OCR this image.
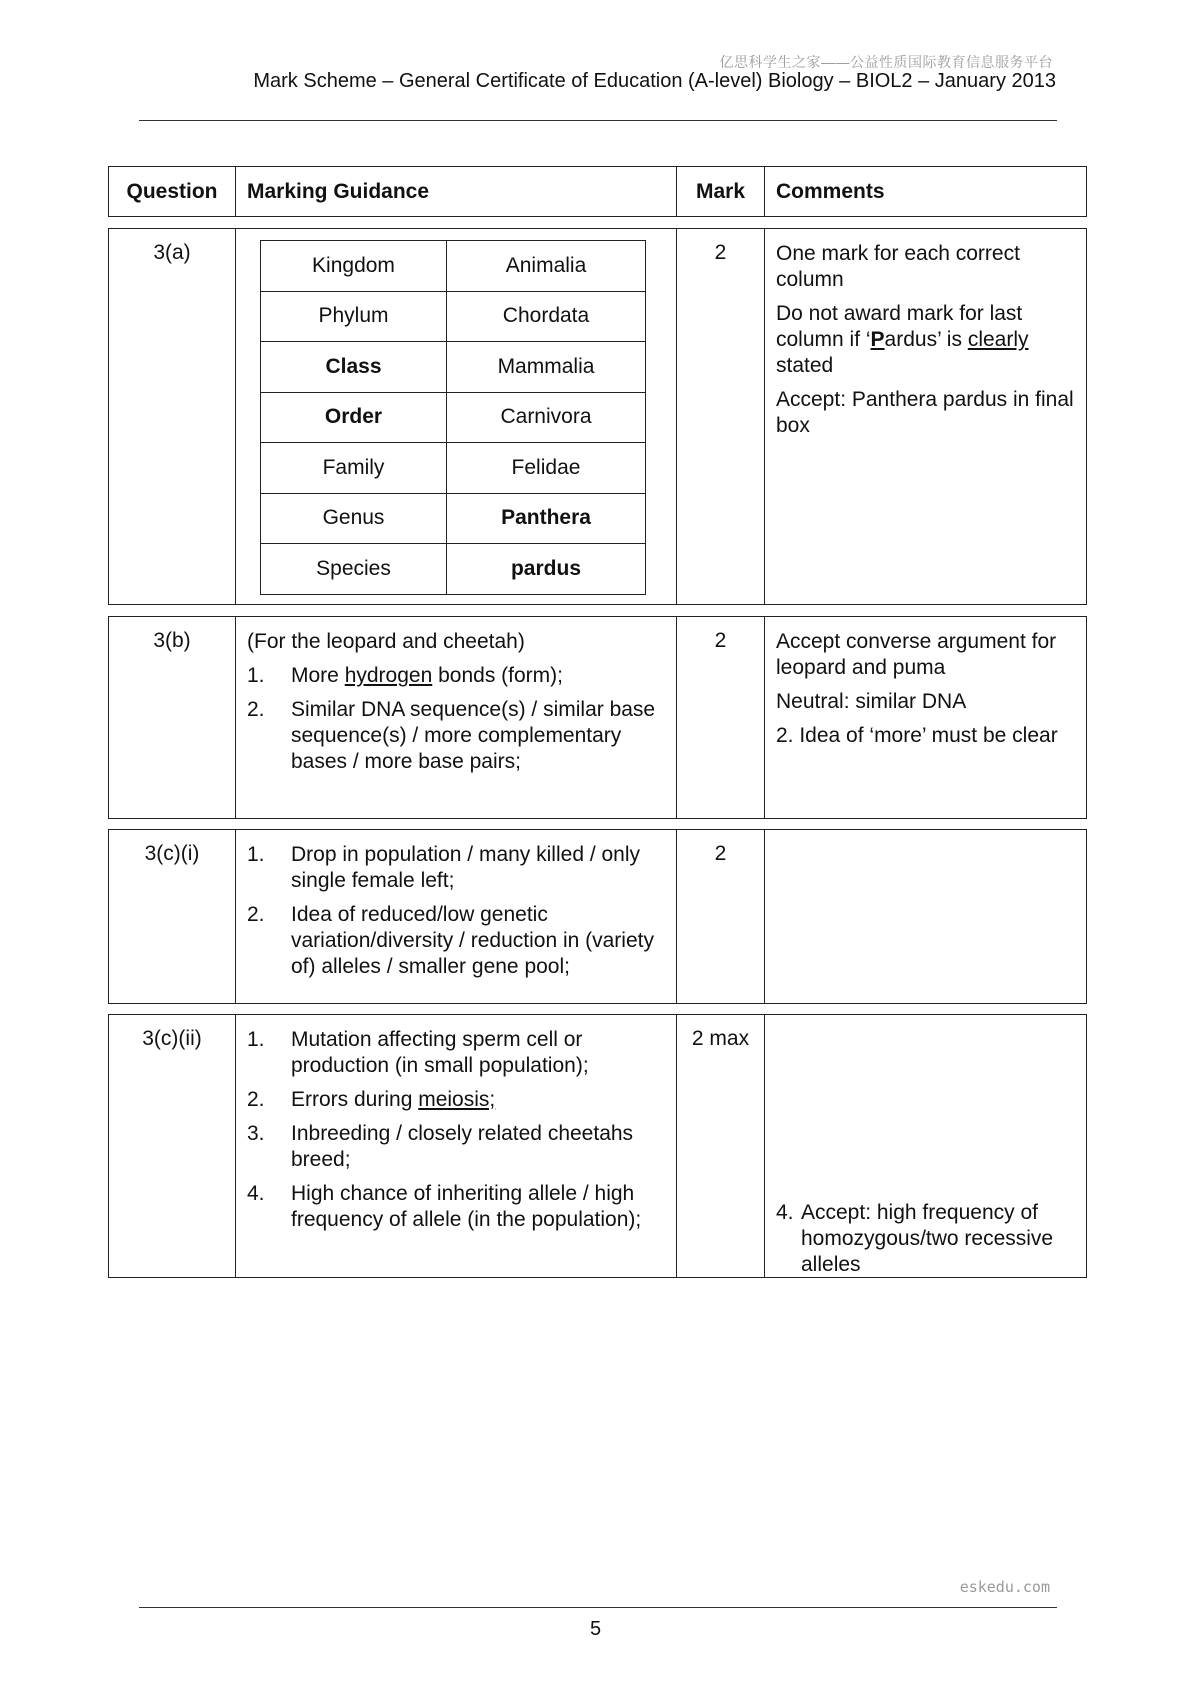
亿思科学生之家——公益性质国际教育信息服务平台
Mark Scheme – General Certificate of Education (A-level) Biology – BIOL2 – January 2013
Question	Marking Guidance	Mark	Comments
3(a)
Kingdom	Animalia
Phylum	Chordata
Class	Mammalia
Order	Carnivora
Family	Felidae
Genus	Panthera
Species	pardus
2	One mark for each correct column
Do not award mark for last column if ‘Pardus’ is clearly stated
Accept: Panthera pardus in final box
3(b)	(For the leopard and cheetah)
1.	More hydrogen bonds (form);
2.	Similar DNA sequence(s) / similar base sequence(s) / more complementary bases / more base pairs;
2	Accept converse argument for leopard and puma
Neutral: similar DNA
2. Idea of ‘more’ must be clear
3(c)(i)	1.	Drop in population / many killed / only single female left;
2.	Idea of reduced/low genetic variation/diversity / reduction in (variety of) alleles / smaller gene pool;
2
3(c)(ii)	1.	Mutation affecting sperm cell or production (in small population);
2.	Errors during meiosis;
3.	Inbreeding / closely related cheetahs breed;
4.	High chance of inheriting allele / high frequency of allele (in the population);
2 max
4. Accept: high frequency of homozygous/two recessive alleles
eskedu.com
5
